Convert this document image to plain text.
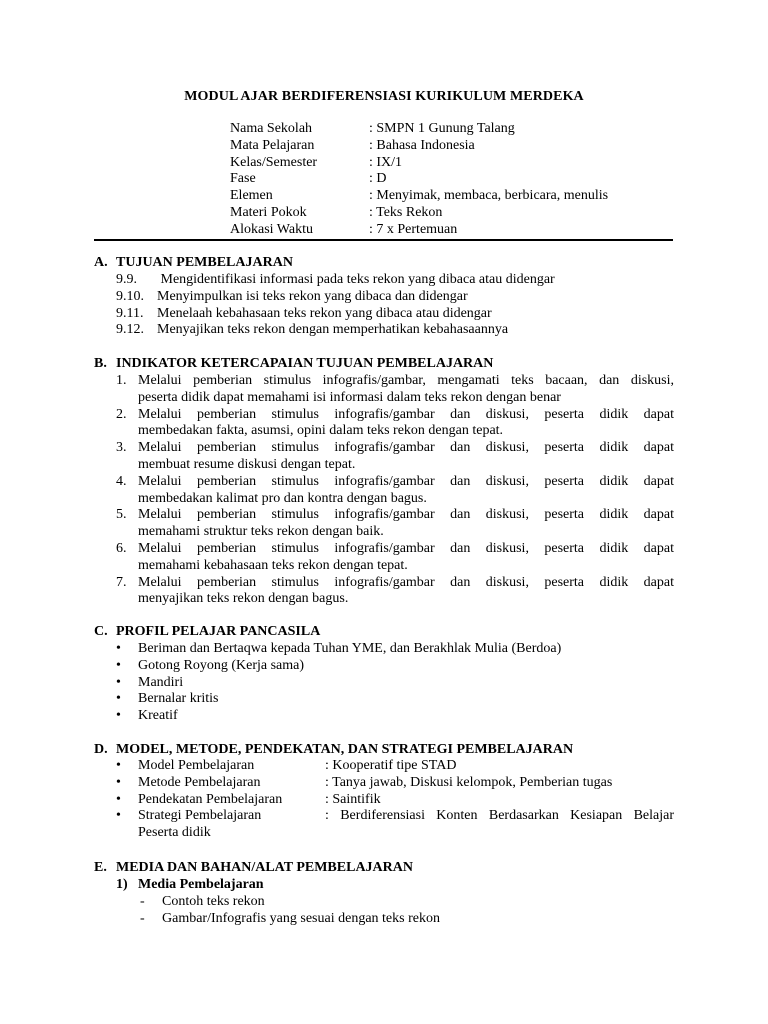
MODUL AJAR BERDIFERENSIASI KURIKULUM MERDEKA
Nama Sekolah	: SMPN 1 Gunung Talang
Mata Pelajaran	: Bahasa Indonesia
Kelas/Semester	: IX/1
Fase	: D
Elemen	: Menyimak, membaca, berbicara, menulis
Materi Pokok	: Teks Rekon
Alokasi Waktu	: 7 x Pertemuan
A. TUJUAN PEMBELAJARAN
9.9. Mengidentifikasi informasi pada teks rekon yang dibaca atau didengar
9.10. Menyimpulkan isi teks rekon yang dibaca dan didengar
9.11. Menelaah kebahasaan teks rekon yang dibaca atau didengar
9.12. Menyajikan teks rekon dengan memperhatikan kebahasaannya
B. INDIKATOR KETERCAPAIAN TUJUAN PEMBELAJARAN
1. Melalui pemberian stimulus infografis/gambar, mengamati teks bacaan, dan diskusi,
peserta didik dapat memahami isi informasi dalam teks rekon dengan benar
2. Melalui pemberian stimulus infografis/gambar dan diskusi, peserta didik dapat
membedakan fakta, asumsi, opini dalam teks rekon dengan tepat.
3. Melalui pemberian stimulus infografis/gambar dan diskusi, peserta didik dapat
membuat resume diskusi dengan tepat.
4. Melalui pemberian stimulus infografis/gambar dan diskusi, peserta didik dapat
membedakan kalimat pro dan kontra dengan bagus.
5. Melalui pemberian stimulus infografis/gambar dan diskusi, peserta didik dapat
memahami struktur teks rekon dengan baik.
6. Melalui pemberian stimulus infografis/gambar dan diskusi, peserta didik dapat
memahami kebahasaan teks rekon dengan tepat.
7. Melalui pemberian stimulus infografis/gambar dan diskusi, peserta didik dapat
menyajikan teks rekon dengan bagus.
C. PROFIL PELAJAR PANCASILA
• Beriman dan Bertaqwa kepada Tuhan YME, dan Berakhlak Mulia (Berdoa)
• Gotong Royong (Kerja sama)
• Mandiri
• Bernalar kritis
• Kreatif
D. MODEL, METODE, PENDEKATAN, DAN STRATEGI PEMBELAJARAN
• Model Pembelajaran	: Kooperatif tipe STAD
• Metode Pembelajaran	: Tanya jawab, Diskusi kelompok, Pemberian tugas
• Pendekatan Pembelajaran	: Saintifik
• Strategi Pembelajaran	: Berdiferensiasi Konten Berdasarkan Kesiapan Belajar
Peserta didik
E. MEDIA DAN BAHAN/ALAT PEMBELAJARAN
1) Media Pembelajaran
- Contoh teks rekon
- Gambar/Infografis yang sesuai dengan teks rekon
